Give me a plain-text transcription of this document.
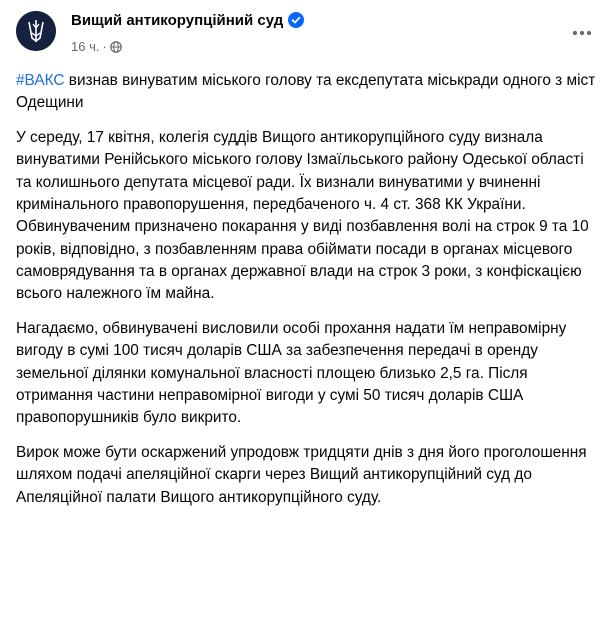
Вищий антикорупційний суд
16 ч. ·

#ВАКС визнав винуватим міського голову та ексдепутата міськради одного з міст Одещини

У середу, 17 квітня, колегія суддів Вищого антикорупційного суду визнала винуватими Ренійського міського голову Ізмаїльського району Одеської області та колишнього депутата місцевої ради. Їх визнали винуватими у вчиненні кримінального правопорушення, передбаченого ч. 4 ст. 368 КК України. Обвинуваченим призначено покарання у виді позбавлення волі на строк 9 та 10 років, відповідно, з позбавленням права обіймати посади в органах місцевого самоврядування та в органах державної влади на строк 3 роки, з конфіскацією всього належного їм майна.

Нагадаємо, обвинувачені висловили особі прохання надати їм неправомірну вигоду в сумі 100 тисяч доларів США за забезпечення передачі в оренду земельної ділянки комунальної власності площею близько 2,5 га. Після отримання частини неправомірної вигоди у сумі 50 тисяч доларів США правопорушників було викрито.

Вирок може бути оскаржений упродовж тридцяти днів з дня його проголошення шляхом подачі апеляційної скарги через Вищий антикорупційний суд до Апеляційної палати Вищого антикорупційного суду.
